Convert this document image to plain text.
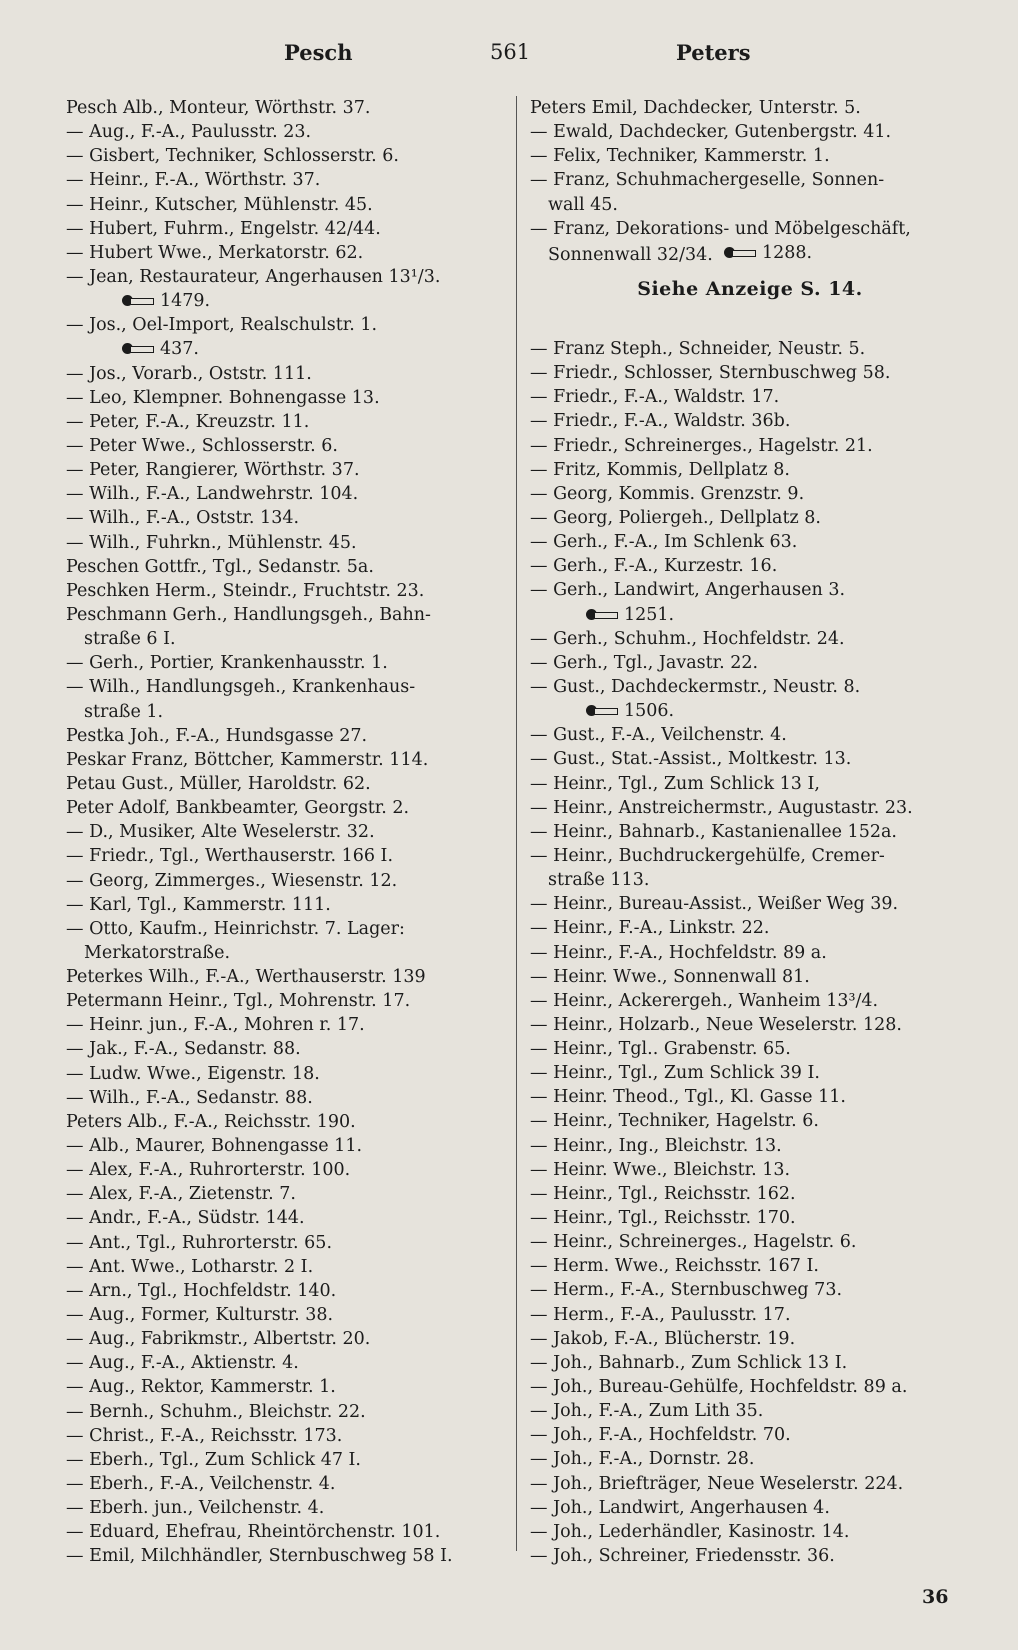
Pesch	561	Peters
Pesch Alb., Monteur, Wörthstr. 37.
— Aug., F.-A., Paulusstr. 23.
— Gisbert, Techniker, Schlosserstr. 6.
— Heinr., F.-A., Wörthstr. 37.
— Heinr., Kutscher, Mühlenstr. 45.
— Hubert, Fuhrm., Engelstr. 42/44.
— Hubert Wwe., Merkatorstr. 62.
— Jean, Restaurateur, Angerhausen 13¹/3.
1479.
— Jos., Oel-Import, Realschulstr. 1.
437.
— Jos., Vorarb., Oststr. 111.
— Leo, Klempner. Bohnengasse 13.
— Peter, F.-A., Kreuzstr. 11.
— Peter Wwe., Schlosserstr. 6.
— Peter, Rangierer, Wörthstr. 37.
— Wilh., F.-A., Landwehrstr. 104.
— Wilh., F.-A., Oststr. 134.
— Wilh., Fuhrkn., Mühlenstr. 45.
Peschen Gottfr., Tgl., Sedanstr. 5a.
Peschken Herm., Steindr., Fruchtstr. 23.
Peschmann Gerh., Handlungsgeh., Bahn-
straße 6 I.
— Gerh., Portier, Krankenhausstr. 1.
— Wilh., Handlungsgeh., Krankenhaus-
straße 1.
Pestka Joh., F.-A., Hundsgasse 27.
Peskar Franz, Böttcher, Kammerstr. 114.
Petau Gust., Müller, Haroldstr. 62.
Peter Adolf, Bankbeamter, Georgstr. 2.
— D., Musiker, Alte Weselerstr. 32.
— Friedr., Tgl., Werthauserstr. 166 I.
— Georg, Zimmerges., Wiesenstr. 12.
— Karl, Tgl., Kammerstr. 111.
— Otto, Kaufm., Heinrichstr. 7. Lager:
Merkatorstraße.
Peterkes Wilh., F.-A., Werthauserstr. 139
Petermann Heinr., Tgl., Mohrenstr. 17.
— Heinr. jun., F.-A., Mohren r. 17.
— Jak., F.-A., Sedanstr. 88.
— Ludw. Wwe., Eigenstr. 18.
— Wilh., F.-A., Sedanstr. 88.
Peters Alb., F.-A., Reichsstr. 190.
— Alb., Maurer, Bohnengasse 11.
— Alex, F.-A., Ruhrorterstr. 100.
— Alex, F.-A., Zietenstr. 7.
— Andr., F.-A., Südstr. 144.
— Ant., Tgl., Ruhrorterstr. 65.
— Ant. Wwe., Lotharstr. 2 I.
— Arn., Tgl., Hochfeldstr. 140.
— Aug., Former, Kulturstr. 38.
— Aug., Fabrikmstr., Albertstr. 20.
— Aug., F.-A., Aktienstr. 4.
— Aug., Rektor, Kammerstr. 1.
— Bernh., Schuhm., Bleichstr. 22.
— Christ., F.-A., Reichsstr. 173.
— Eberh., Tgl., Zum Schlick 47 I.
— Eberh., F.-A., Veilchenstr. 4.
— Eberh. jun., Veilchenstr. 4.
— Eduard, Ehefrau, Rheintörchenstr. 101.
— Emil, Milchhändler, Sternbuschweg 58 I.
Peters Emil, Dachdecker, Unterstr. 5.
— Ewald, Dachdecker, Gutenbergstr. 41.
— Felix, Techniker, Kammerstr. 1.
— Franz, Schuhmachergeselle, Sonnen-
wall 45.
— Franz, Dekorations- und Möbelgeschäft,
Sonnenwall 32/34.	1288.
Siehe Anzeige S. 14.
— Franz Steph., Schneider, Neustr. 5.
— Friedr., Schlosser, Sternbuschweg 58.
— Friedr., F.-A., Waldstr. 17.
— Friedr., F.-A., Waldstr. 36b.
— Friedr., Schreinerges., Hagelstr. 21.
— Fritz, Kommis, Dellplatz 8.
— Georg, Kommis. Grenzstr. 9.
— Georg, Poliergeh., Dellplatz 8.
— Gerh., F.-A., Im Schlenk 63.
— Gerh., F.-A., Kurzestr. 16.
— Gerh., Landwirt, Angerhausen 3.
1251.
— Gerh., Schuhm., Hochfeldstr. 24.
— Gerh., Tgl., Javastr. 22.
— Gust., Dachdeckermstr., Neustr. 8.
1506.
— Gust., F.-A., Veilchenstr. 4.
— Gust., Stat.-Assist., Moltkestr. 13.
— Heinr., Tgl., Zum Schlick 13 I,
— Heinr., Anstreichermstr., Augustastr. 23.
— Heinr., Bahnarb., Kastanienallee 152a.
— Heinr., Buchdruckergehülfe, Cremer-
straße 113.
— Heinr., Bureau-Assist., Weißer Weg 39.
— Heinr., F.-A., Linkstr. 22.
— Heinr., F.-A., Hochfeldstr. 89 a.
— Heinr. Wwe., Sonnenwall 81.
— Heinr., Ackerergeh., Wanheim 13³/4.
— Heinr., Holzarb., Neue Weselerstr. 128.
— Heinr., Tgl.. Grabenstr. 65.
— Heinr., Tgl., Zum Schlick 39 I.
— Heinr. Theod., Tgl., Kl. Gasse 11.
— Heinr., Techniker, Hagelstr. 6.
— Heinr., Ing., Bleichstr. 13.
— Heinr. Wwe., Bleichstr. 13.
— Heinr., Tgl., Reichsstr. 162.
— Heinr., Tgl., Reichsstr. 170.
— Heinr., Schreinerges., Hagelstr. 6.
— Herm. Wwe., Reichsstr. 167 I.
— Herm., F.-A., Sternbuschweg 73.
— Herm., F.-A., Paulusstr. 17.
— Jakob, F.-A., Blücherstr. 19.
— Joh., Bahnarb., Zum Schlick 13 I.
— Joh., Bureau-Gehülfe, Hochfeldstr. 89 a.
— Joh., F.-A., Zum Lith 35.
— Joh., F.-A., Hochfeldstr. 70.
— Joh., F.-A., Dornstr. 28.
— Joh., Briefträger, Neue Weselerstr. 224.
— Joh., Landwirt, Angerhausen 4.
— Joh., Lederhändler, Kasinostr. 14.
— Joh., Schreiner, Friedensstr. 36.
36
